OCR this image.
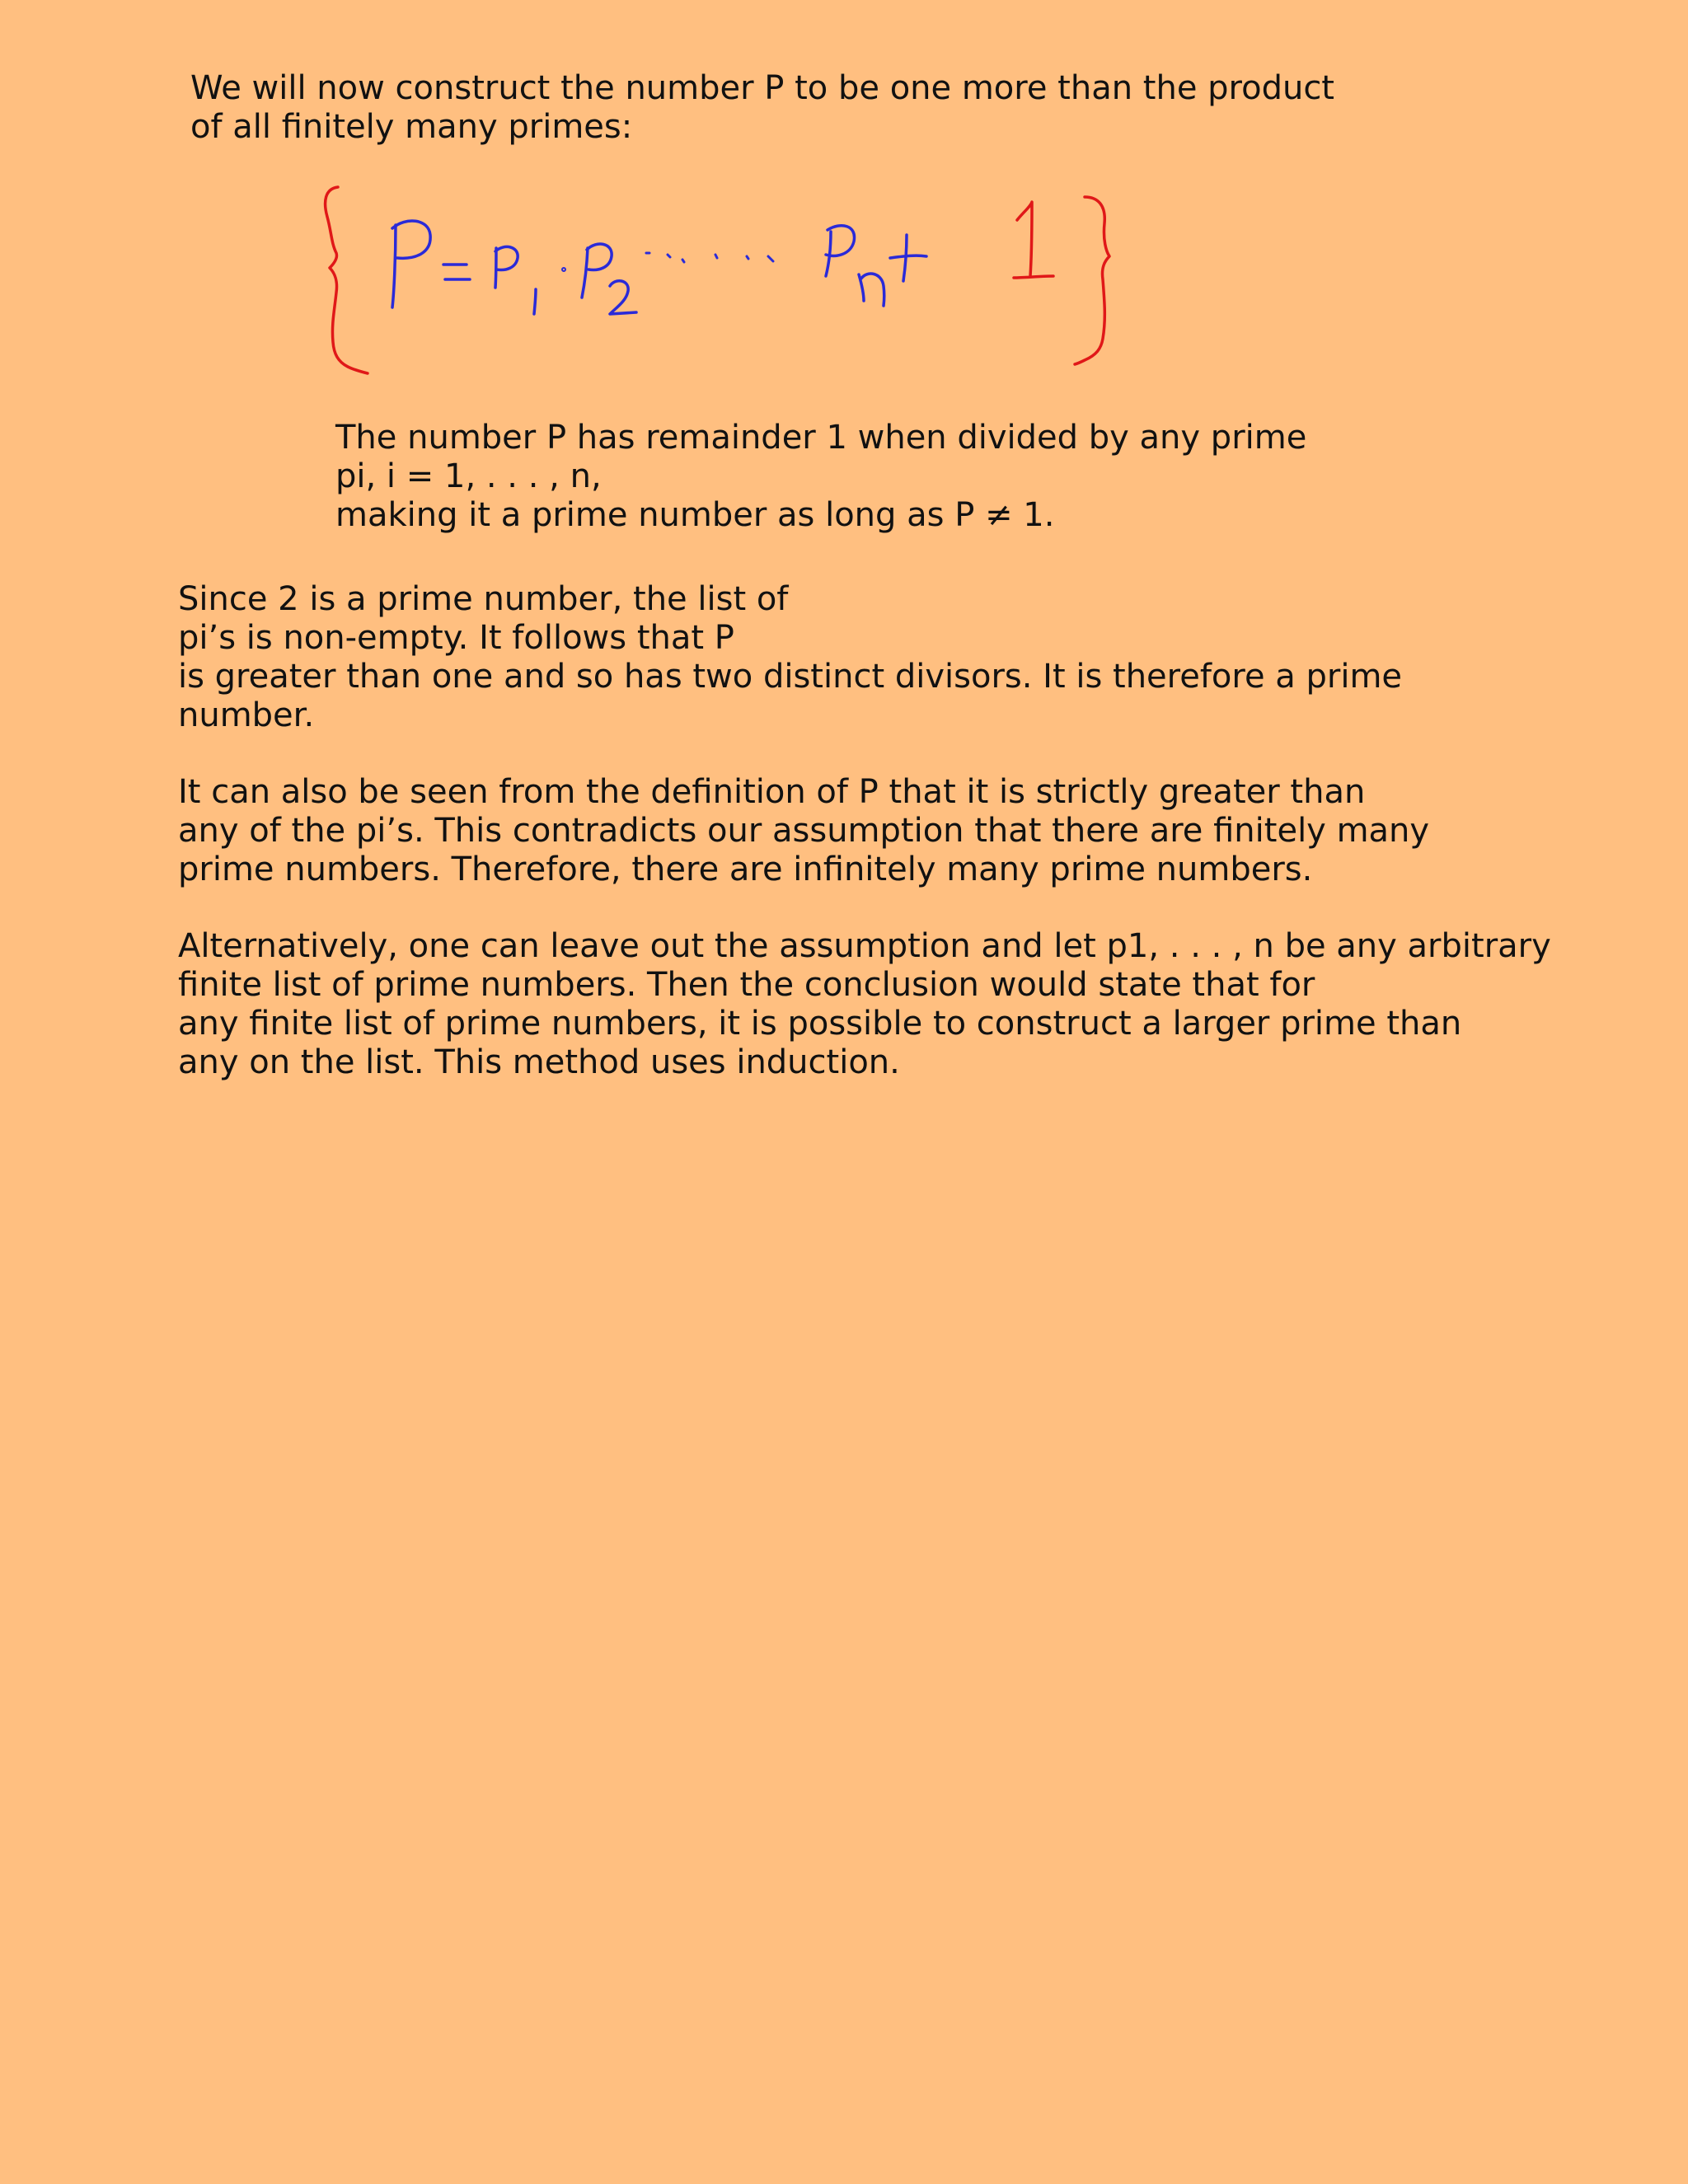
We will now construct the number P to be one more than the product
of all finitely many primes:
The number P has remainder 1 when divided by any prime
pi, i = 1, . . . , n,
making it a prime number as long as P ≠ 1.
Since 2 is a prime number, the list of
pi’s is non-empty. It follows that P
is greater than one and so has two distinct divisors. It is therefore a prime
number.
It can also be seen from the definition of P that it is strictly greater than
any of the pi’s. This contradicts our assumption that there are finitely many
prime numbers. Therefore, there are infinitely many prime numbers.
Alternatively, one can leave out the assumption and let p1, . . . , n be any arbitrary
finite list of prime numbers. Then the conclusion would state that for
any finite list of prime numbers, it is possible to construct a larger prime than
any on the list. This method uses induction.
